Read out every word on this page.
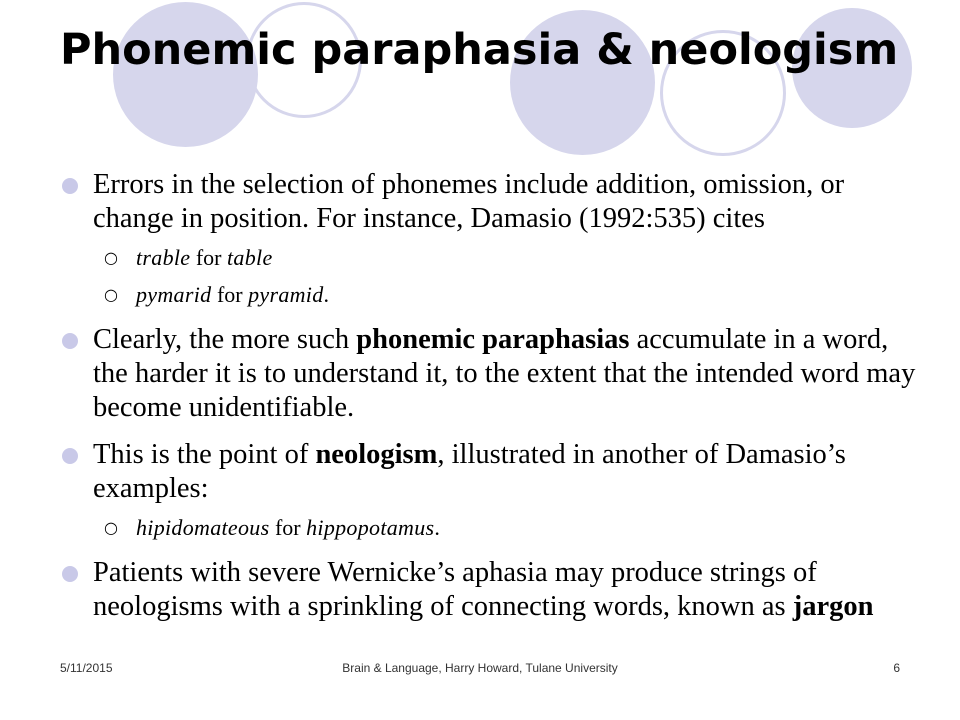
Phonemic paraphasia & neologism
Errors in the selection of phonemes include addition, omission, or change in position. For instance, Damasio (1992:535) cites
○ trable for table
○ pymarid for pyramid.
Clearly, the more such phonemic paraphasias accumulate in a word, the harder it is to understand it, to the extent that the intended word may become unidentifiable.
This is the point of neologism, illustrated in another of Damasio’s examples:
○ hipidomateous for hippopotamus.
Patients with severe Wernicke’s aphasia may produce strings of neologisms with a sprinkling of connecting words, known as jargon
5/11/2015	Brain & Language, Harry Howard, Tulane University	6
